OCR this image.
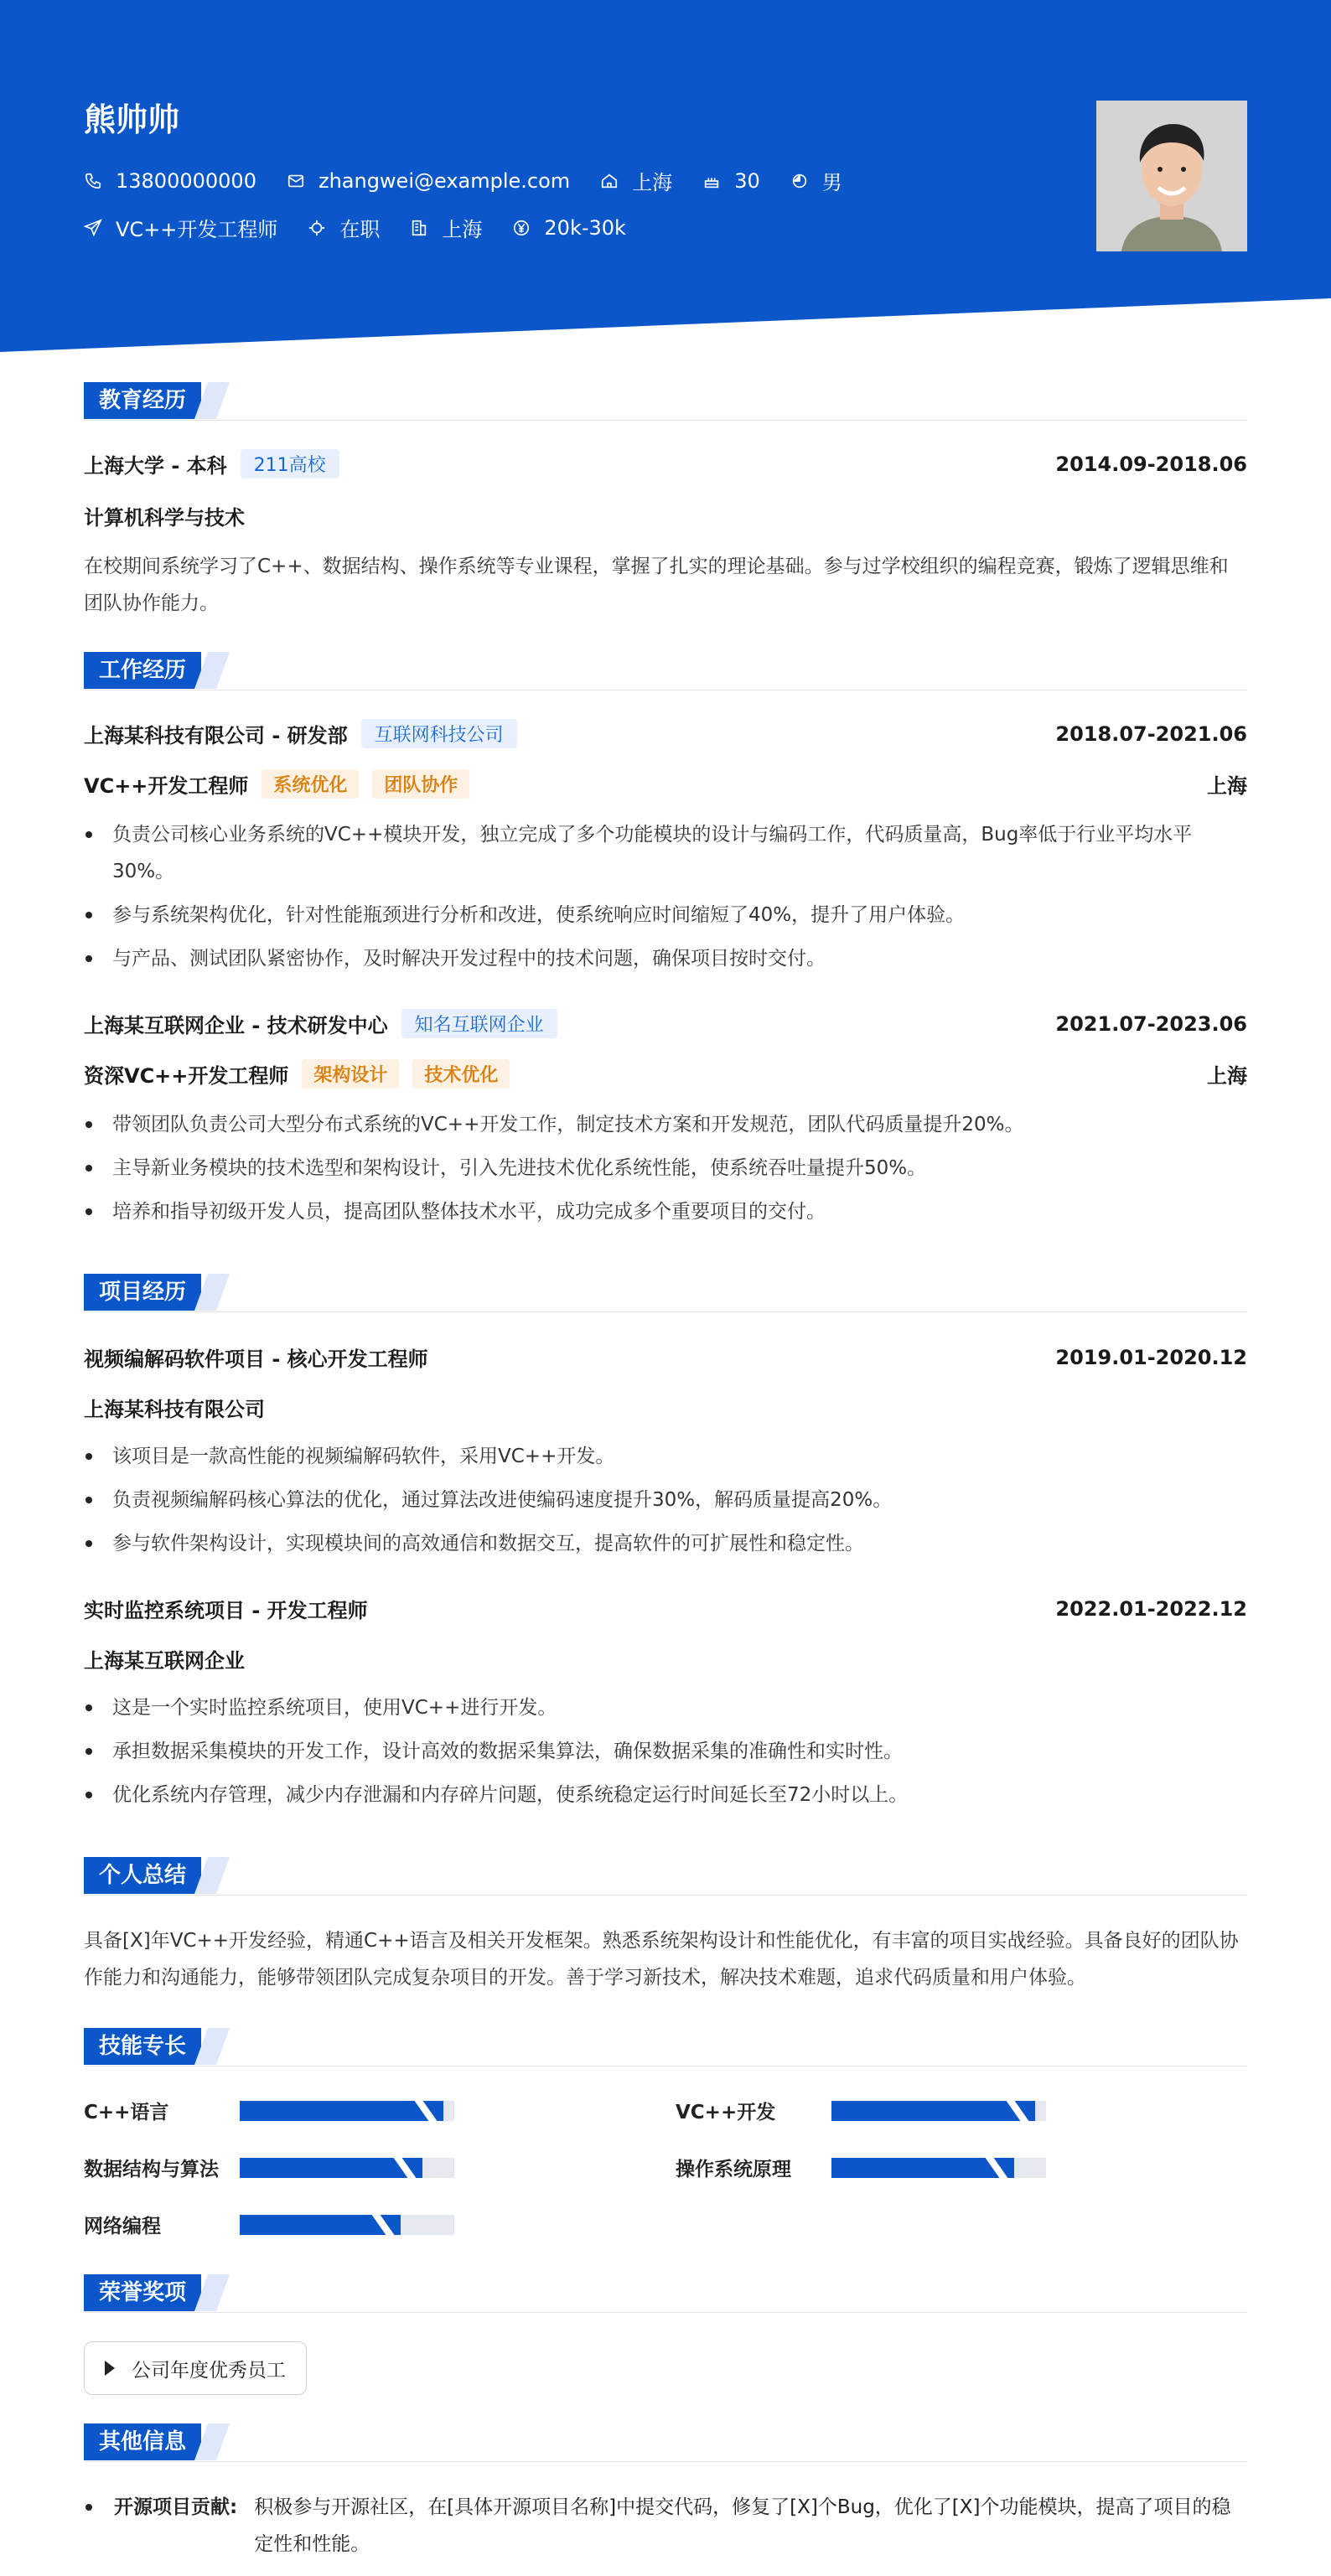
熊帅帅
13800000000	zhangwei@example.com	上海	30	男
VC++开发工程师	在职	上海	20k-30k
教育经历
上海大学 - 本科	211高校	2014.09-2018.06
计算机科学与技术
在校期间系统学习了C++、数据结构、操作系统等专业课程，掌握了扎实的理论基础。参与过学校组织的编程竞赛，锻炼了逻辑思维和团队协作能力。
工作经历
上海某科技有限公司 - 研发部	互联网科技公司	2018.07-2021.06
VC++开发工程师	系统优化	团队协作	上海
负责公司核心业务系统的VC++模块开发，独立完成了多个功能模块的设计与编码工作，代码质量高，Bug率低于行业平均水平30%。
参与系统架构优化，针对性能瓶颈进行分析和改进，使系统响应时间缩短了40%，提升了用户体验。
与产品、测试团队紧密协作，及时解决开发过程中的技术问题，确保项目按时交付。
上海某互联网企业 - 技术研发中心	知名互联网企业	2021.07-2023.06
资深VC++开发工程师	架构设计	技术优化	上海
带领团队负责公司大型分布式系统的VC++开发工作，制定技术方案和开发规范，团队代码质量提升20%。
主导新业务模块的技术选型和架构设计，引入先进技术优化系统性能，使系统吞吐量提升50%。
培养和指导初级开发人员，提高团队整体技术水平，成功完成多个重要项目的交付。
项目经历
视频编解码软件项目 - 核心开发工程师	2019.01-2020.12
上海某科技有限公司
该项目是一款高性能的视频编解码软件，采用VC++开发。
负责视频编解码核心算法的优化，通过算法改进使编码速度提升30%，解码质量提高20%。
参与软件架构设计，实现模块间的高效通信和数据交互，提高软件的可扩展性和稳定性。
实时监控系统项目 - 开发工程师	2022.01-2022.12
上海某互联网企业
这是一个实时监控系统项目，使用VC++进行开发。
承担数据采集模块的开发工作，设计高效的数据采集算法，确保数据采集的准确性和实时性。
优化系统内存管理，减少内存泄漏和内存碎片问题，使系统稳定运行时间延长至72小时以上。
个人总结
具备[X]年VC++开发经验，精通C++语言及相关开发框架。熟悉系统架构设计和性能优化，有丰富的项目实战经验。具备良好的团队协作能力和沟通能力，能够带领团队完成复杂项目的开发。善于学习新技术，解决技术难题，追求代码质量和用户体验。
技能专长
C++语言	VC++开发
数据结构与算法	操作系统原理
网络编程
荣誉奖项
公司年度优秀员工
其他信息
开源项目贡献: 积极参与开源社区，在[具体开源项目名称]中提交代码，修复了[X]个Bug，优化了[X]个功能模块，提高了项目的稳定性和性能。
